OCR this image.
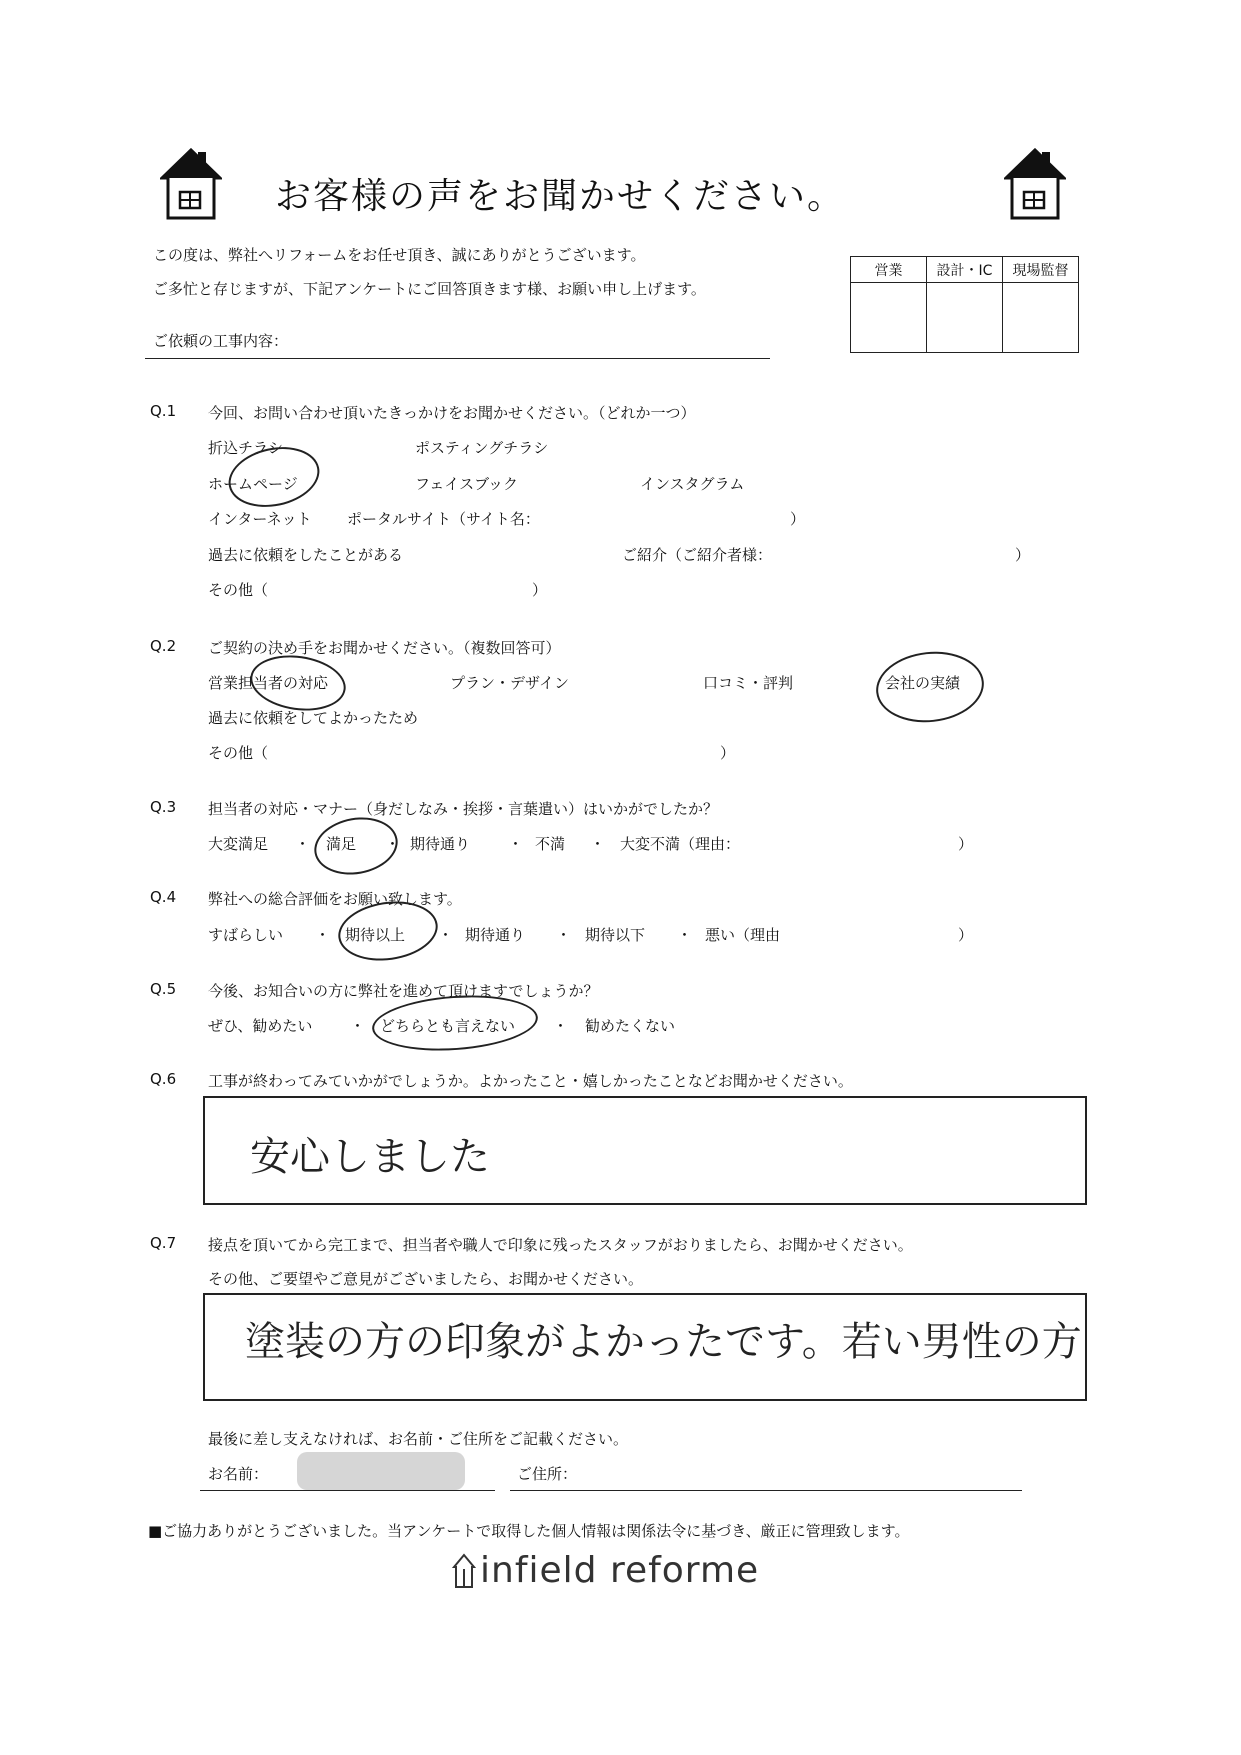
お客様の声をお聞かせください。
この度は、弊社へリフォームをお任せ頂き、誠にありがとうございます。
ご多忙と存じますが、下記アンケートにご回答頂きます様、お願い申し上げます。
営業	設計・IC	現場監督

ご依頼の工事内容：
Q.1 今回、お問い合わせ頂いたきっかけをお聞かせください。（どれか一つ）
折込チラシ	ポスティングチラシ
ホームページ	フェイスブック	インスタグラム
インターネット ポータルサイト（サイト名：	）
過去に依頼をしたことがある	ご紹介（ご紹介者様：	）
その他（	）
Q.2 ご契約の決め手をお聞かせください。（複数回答可）
営業担当者の対応	プラン・デザイン	口コミ・評判	会社の実績
過去に依頼をしてよかったため
その他（	）
Q.3 担当者の対応・マナー（身だしなみ・挨拶・言葉遣い）はいかがでしたか？
大変満足 ・ 満足 ・ 期待通り	・ 不満 ・ 大変不満（理由：	）
Q.4 弊社への総合評価をお願い致します。
すばらしい ・ 期待以上 ・ 期待通り ・ 期待以下 ・ 悪い（理由	）
Q.5 今後、お知合いの方に弊社を進めて頂けますでしょうか？
ぜひ、勧めたい	・ どちらとも言えない	・ 勧めたくない
Q.6 工事が終わってみていかがでしょうか。よかったこと・嬉しかったことなどお聞かせください。
安心しました
Q.7 接点を頂いてから完工まで、担当者や職人で印象に残ったスタッフがおりましたら、お聞かせください。
その他、ご要望やご意見がございましたら、お聞かせください。
塗装の方の印象がよかったです。若い男性の方
最後に差し支えなければ、お名前・ご住所をご記載ください。
お名前：	ご住所：
■ご協力ありがとうございました。当アンケートで取得した個人情報は関係法令に基づき、厳正に管理致します。
infield reforme
